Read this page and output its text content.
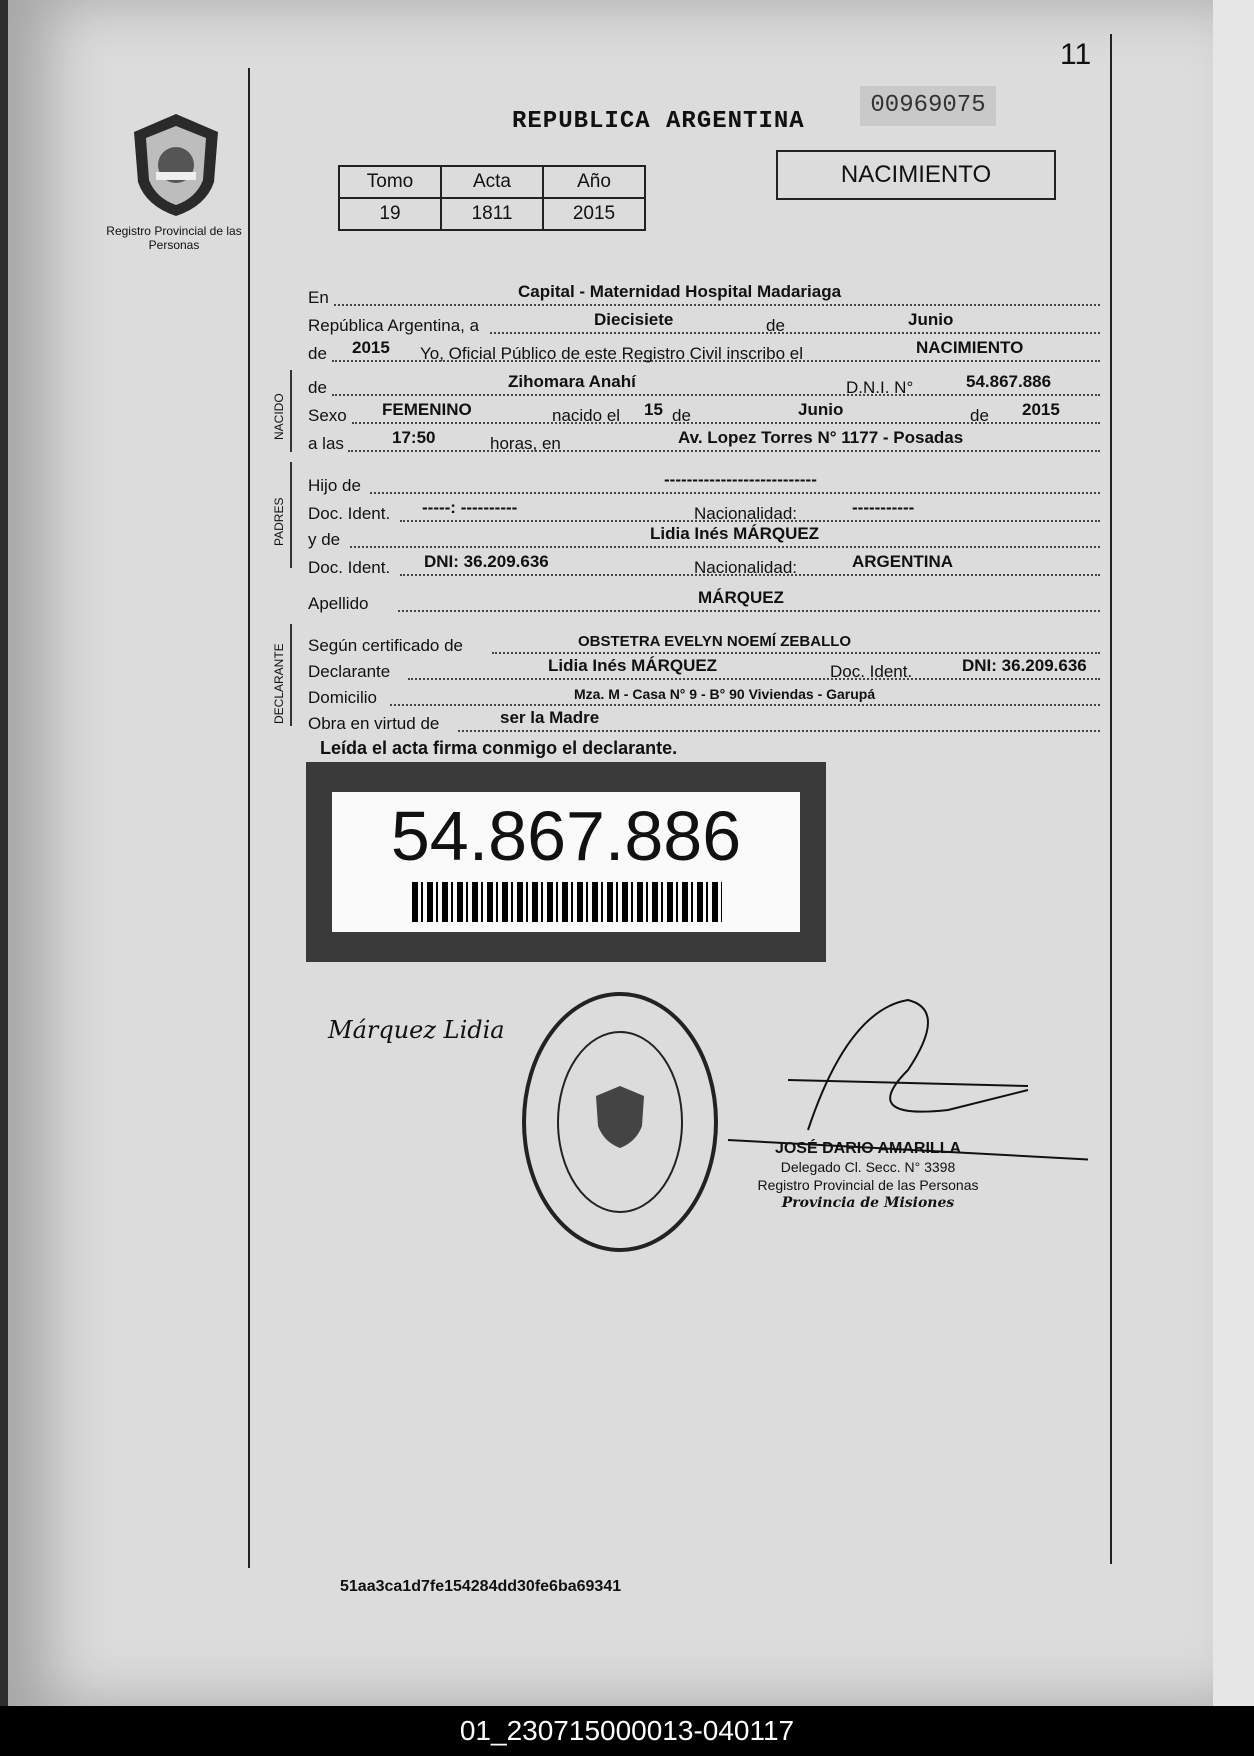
11
Registro Provincial de las Personas
REPUBLICA ARGENTINA
00969075
NACIMIENTO
Tomo	Acta	Año
19	1811	2015
En	Capital - Maternidad Hospital Madariaga
República Argentina, a	Diecisiete	de	Junio
de 2015 Yo, Oficial Público de este Registro Civil inscribo el	NACIMIENTO
NACIDO
de	Zihomara Anahí	D.N.I. N°	54.867.886
Sexo FEMENINO	nacido el 15 de	Junio	de 2015
a las	17:50	horas, en	Av. Lopez Torres N° 1177 - Posadas
PADRES
Hijo de	---------------------------
Doc. Ident. -----: ----------	Nacionalidad:	-----------
y de	Lidia Inés MÁRQUEZ
Doc. Ident. DNI: 36.209.636	Nacionalidad:	ARGENTINA
Apellido	MÁRQUEZ
DECLARANTE Según certificado de	OBSTETRA EVELYN NOEMÍ ZEBALLO
Declarante	Lidia Inés MÁRQUEZ	Doc. Ident.	DNI: 36.209.636
Domicilio	Mza. M - Casa N° 9 - B° 90 Viviendas - Garupá
Obra en virtud de	ser la Madre
Leída el acta firma conmigo el declarante.
54.867.886
Márquez Lidia
JOSÉ DARIO AMARILLA
Delegado Cl. Secc. N° 3398
Registro Provincial de las Personas
Provincia de Misiones
51aa3ca1d7fe154284dd30fe6ba69341
01_230715000013-040117
